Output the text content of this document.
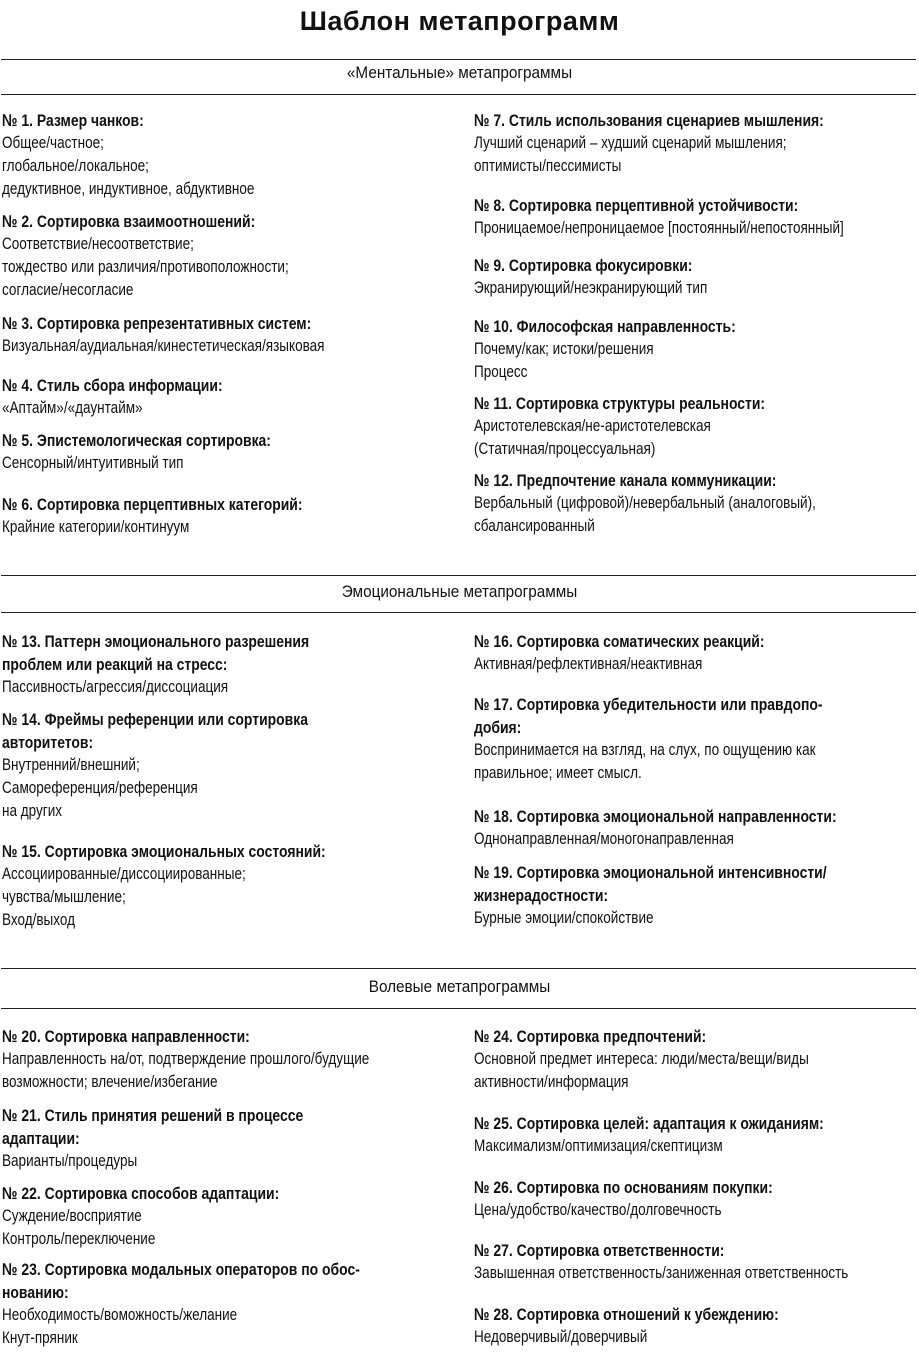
Шаблон метапрограмм
«Ментальные» метапрограммы
№ 1. Размер чанков:
Общее/частное;
глобальное/локальное;
дедуктивное, индуктивное, абдуктивное
№ 2. Сортировка взаимоотношений:
Соответствие/несоответствие;
тождество или различия/противоположности;
согласие/несогласие
№ 3. Сортировка репрезентативных систем:
Визуальная/аудиальная/кинестетическая/языковая
№ 4. Стиль сбора информации:
«Аптайм»/«даунтайм»
№ 5. Эпистемологическая сортировка:
Сенсорный/интуитивный тип
№ 6. Сортировка перцептивных категорий:
Крайние категории/континуум
№ 7. Стиль использования сценариев мышления:
Лучший сценарий – худший сценарий мышления;
оптимисты/пессимисты
№ 8. Сортировка перцептивной устойчивости:
Проницаемое/непроницаемое [постоянный/непостоянный]
№ 9. Сортировка фокусировки:
Экранирующий/неэкранирующий тип
№ 10. Философская направленность:
Почему/как; истоки/решения
Процесс
№ 11. Сортировка структуры реальности:
Аристотелевская/не-аристотелевская
(Статичная/процессуальная)
№ 12. Предпочтение канала коммуникации:
Вербальный (цифровой)/невербальный (аналоговый),
сбалансированный
Эмоциональные метапрограммы
№ 13. Паттерн эмоционального разрешения
проблем или реакций на стресс:
Пассивность/агрессия/диссоциация
№ 14. Фреймы референции или сортировка
авторитетов:
Внутренний/внешний;
Самореференция/референция
на других
№ 15. Сортировка эмоциональных состояний:
Ассоциированные/диссоциированные;
чувства/мышление;
Вход/выход
№ 16. Сортировка соматических реакций:
Активная/рефлективная/неактивная
№ 17. Сортировка убедительности или правдопо-
добия:
Воспринимается на взгляд, на слух, по ощущению как
правильное; имеет смысл.
№ 18. Сортировка эмоциональной направленности:
Однонаправленная/моногонаправленная
№ 19. Сортировка эмоциональной интенсивности/
жизнерадостности:
Бурные эмоции/спокойствие
Волевые метапрограммы
№ 20. Сортировка направленности:
Направленность на/от, подтверждение прошлого/будущие
возможности; влечение/избегание
№ 21. Стиль принятия решений в процессе
адаптации:
Варианты/процедуры
№ 22. Сортировка способов адаптации:
Суждение/восприятие
Контроль/переключение
№ 23. Сортировка модальных операторов по обос-
нованию:
Необходимость/воможность/желание
Кнут-пряник
№ 24. Сортировка предпочтений:
Основной предмет интереса: люди/места/вещи/виды
активности/информация
№ 25. Сортировка целей: адаптация к ожиданиям:
Максимализм/оптимизация/скептицизм
№ 26. Сортировка по основаниям покупки:
Цена/удобство/качество/долговечность
№ 27. Сортировка ответственности:
Завышенная ответственность/заниженная ответственность
№ 28. Сортировка отношений к убеждению:
Недоверчивый/доверчивый
